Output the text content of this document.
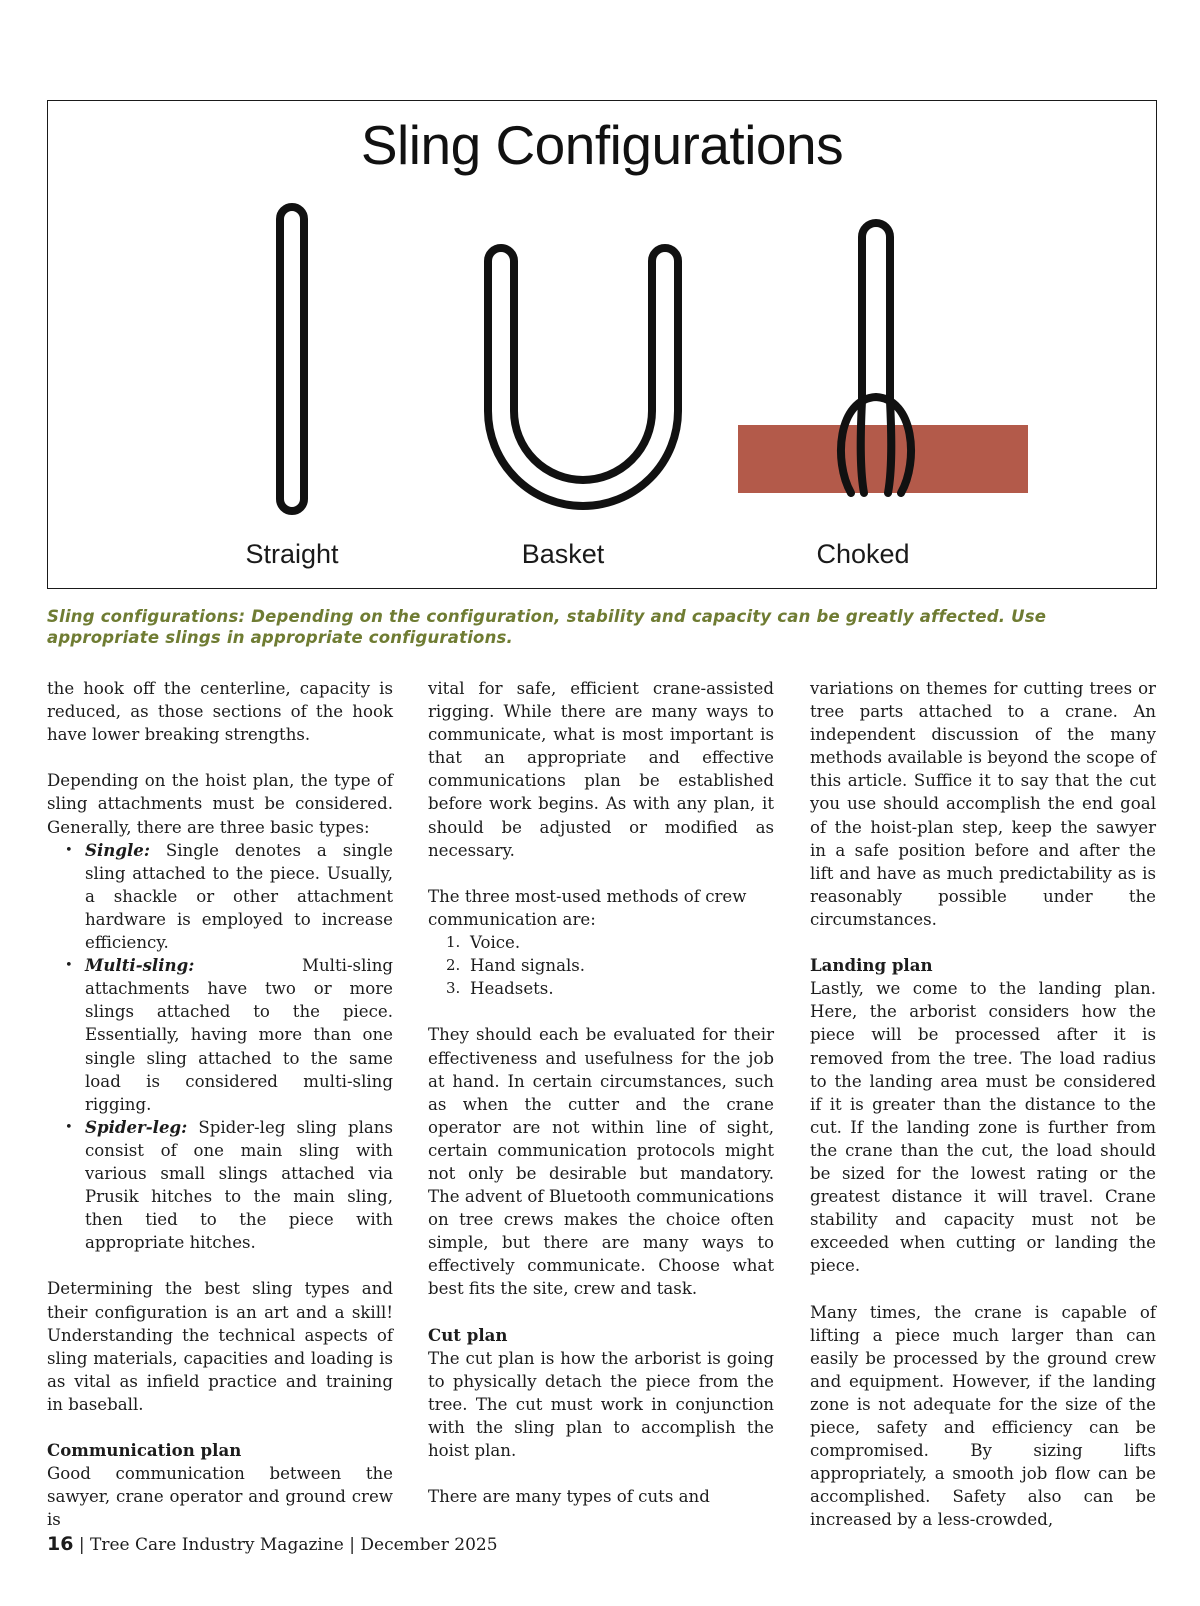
Sling Configurations
Straight	Basket	Choked
Sling configurations: Depending on the configuration, stability and capacity can be greatly affected. Use appropriate slings in appropriate configurations.

the hook off the centerline, capacity is reduced, as those sections of the hook have lower breaking strengths.

Depending on the hoist plan, the type of sling attachments must be considered. Generally, there are three basic types:

• Single: Single denotes a single sling attached to the piece. Usually, a shackle or other attachment hardware is employed to increase efficiency.
• Multi-sling: Multi-sling attachments have two or more slings attached to the piece. Essentially, having more than one single sling attached to the same load is considered multi-sling rigging.
• Spider-leg: Spider-leg sling plans consist of one main sling with various small slings attached via Prusik hitches to the main sling, then tied to the piece with appropriate hitches.

Determining the best sling types and their configuration is an art and a skill! Understanding the technical aspects of sling materials, capacities and loading is as vital as infield practice and training in baseball.

Communication plan

Good communication between the sawyer, crane operator and ground crew is

vital for safe, efficient crane-assisted rigging. While there are many ways to communicate, what is most important is that an appropriate and effective communications plan be established before work begins. As with any plan, it should be adjusted or modified as necessary.

The three most-used methods of crew communication are:

1. Voice.
2. Hand signals.
3. Headsets.

They should each be evaluated for their effectiveness and usefulness for the job at hand. In certain circumstances, such as when the cutter and the crane operator are not within line of sight, certain communication protocols might not only be desirable but mandatory. The advent of Bluetooth communications on tree crews makes the choice often simple, but there are many ways to effectively communicate. Choose what best fits the site, crew and task.

Cut plan

The cut plan is how the arborist is going to physically detach the piece from the tree. The cut must work in conjunction with the sling plan to accomplish the hoist plan.

There are many types of cuts and

variations on themes for cutting trees or tree parts attached to a crane. An independent discussion of the many methods available is beyond the scope of this article. Suffice it to say that the cut you use should accomplish the end goal of the hoist-plan step, keep the sawyer in a safe position before and after the lift and have as much predictability as is reasonably possible under the circumstances.

Landing plan

Lastly, we come to the landing plan. Here, the arborist considers how the piece will be processed after it is removed from the tree. The load radius to the landing area must be considered if it is greater than the distance to the cut. If the landing zone is further from the crane than the cut, the load should be sized for the lowest rating or the greatest distance it will travel. Crane stability and capacity must not be exceeded when cutting or landing the piece.

Many times, the crane is capable of lifting a piece much larger than can easily be processed by the ground crew and equipment. However, if the landing zone is not adequate for the size of the piece, safety and efficiency can be compromised. By sizing lifts appropriately, a smooth job flow can be accomplished. Safety also can be increased by a less-crowded,

16 | Tree Care Industry Magazine | December 2025
